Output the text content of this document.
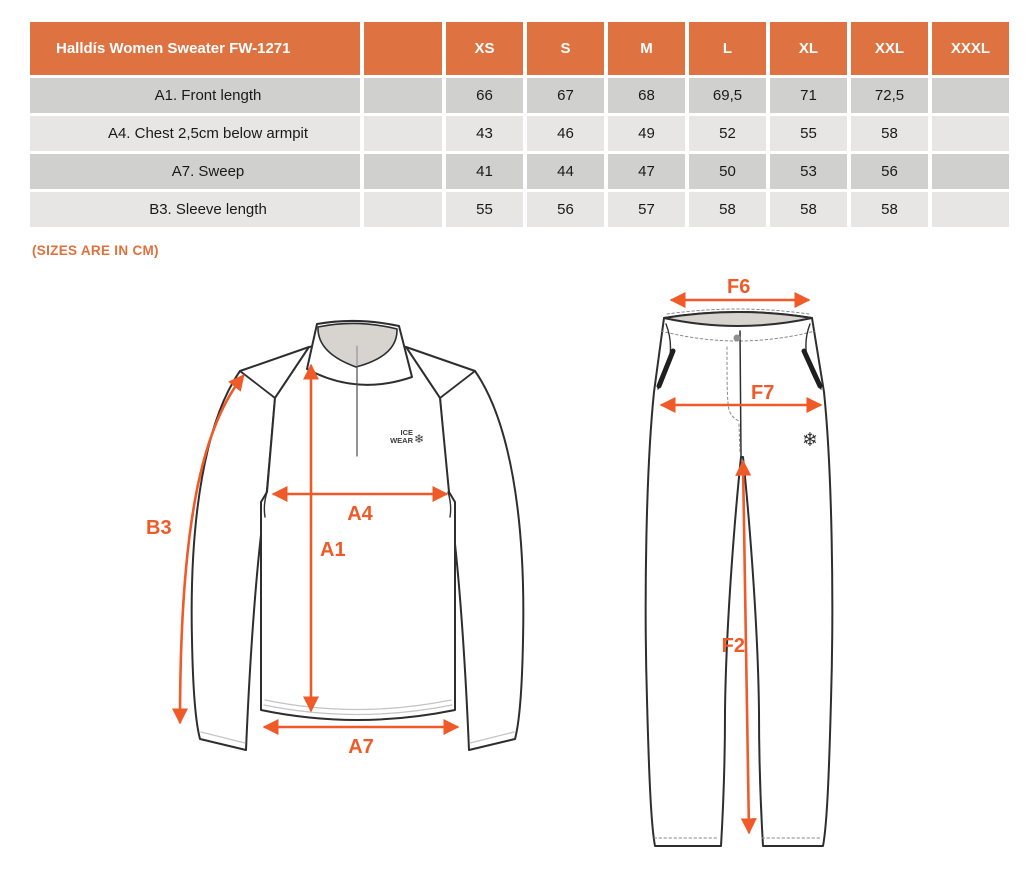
Halldís Women Sweater FW-1271		XS	S	M	L	XL	XXL	XXXL
A1. Front length		66	67	68	69,5	71	72,5	
A4. Chest 2,5cm below armpit		43	46	49	52	55	58	
A7. Sweep		41	44	47	50	53	56	
B3. Sleeve length		55	56	57	58	58	58	
(SIZES ARE IN CM)
ICE
WEAR ❄
B3
A4
A1
A7
❄
F6
F7
F2
